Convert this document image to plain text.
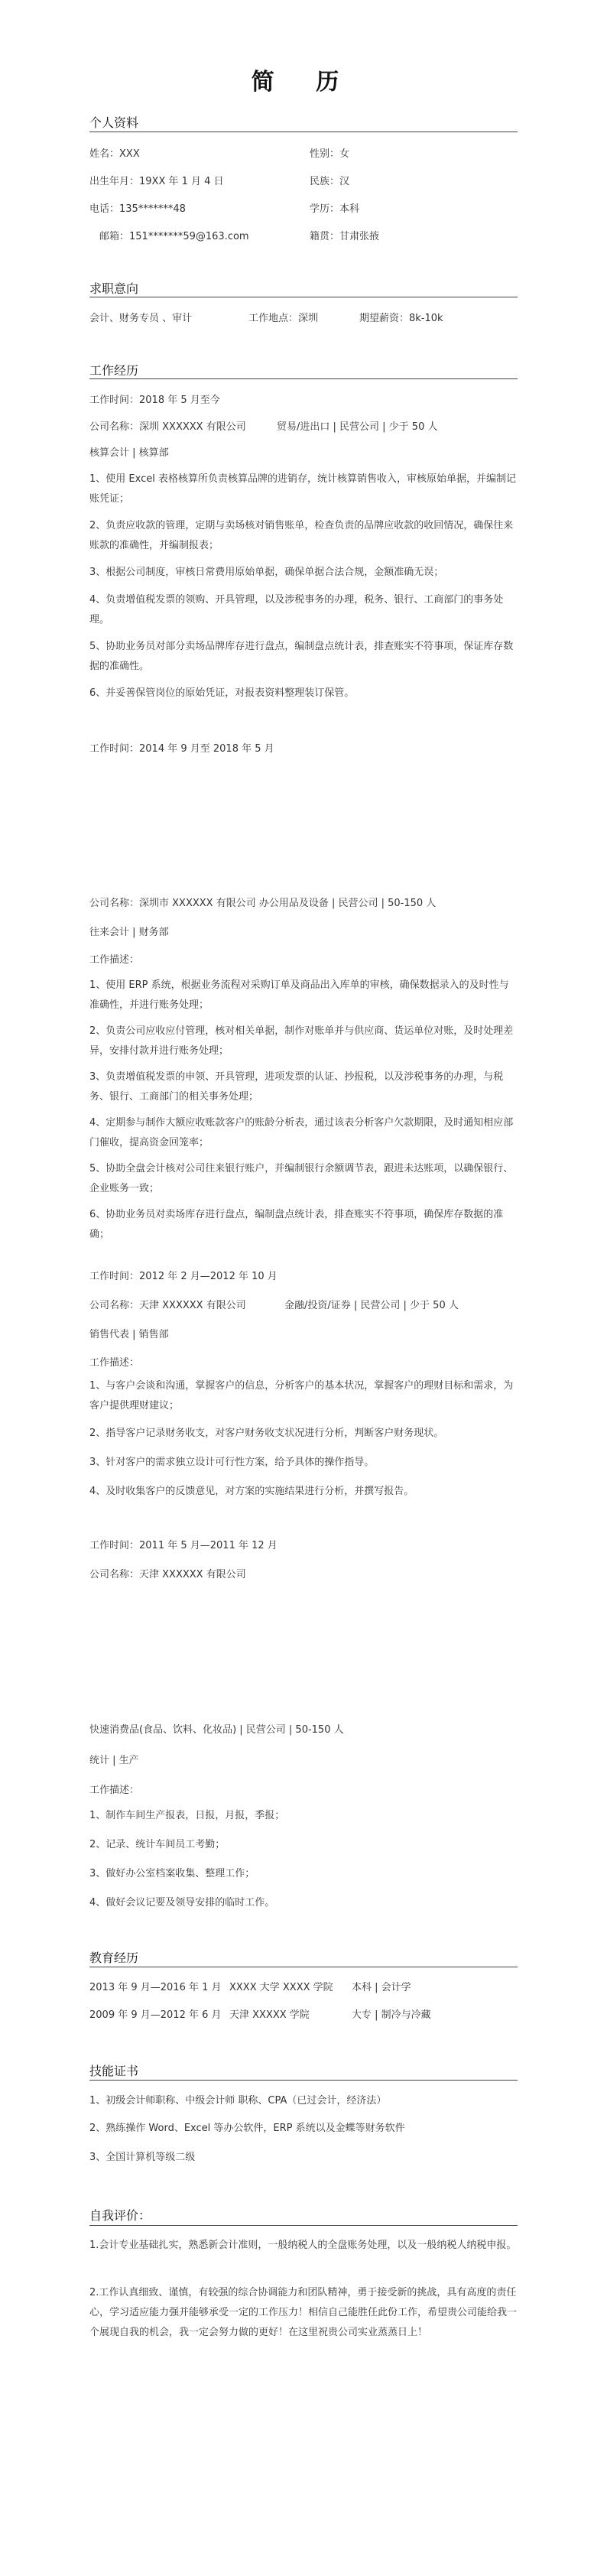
简 历
个人资料
姓名：XXX	性别：女
出生年月：19XX 年 1 月 4 日	民族：汉
电话：135*******48	学历：本科
邮箱：151*******59@163.com	籍贯：甘肃张掖
求职意向
会计、财务专员 、审计	工作地点：深圳	期望薪资：8k-10k
工作经历
工作时间：2018 年 5 月至今
公司名称：深圳 XXXXXX 有限公司	贸易/进出口 | 民营公司 | 少于 50 人
核算会计 | 核算部
1、使用 Excel 表格核算所负责核算品牌的进销存，统计核算销售收入，审核原始单据，并编制记账凭证；
2、负责应收款的管理，定期与卖场核对销售账单，检查负责的品牌应收款的收回情况，确保往来账款的准确性，并编制报表；
3、根据公司制度，审核日常费用原始单据，确保单据合法合规，金额准确无误；
4、负责增值税发票的领购、开具管理，以及涉税事务的办理，税务、银行、工商部门的事务处理。
5、协助业务员对部分卖场品牌库存进行盘点，编制盘点统计表，排查账实不符事项，保证库存数据的准确性。
6、并妥善保管岗位的原始凭证，对报表资料整理装订保管。
工作时间：2014 年 9 月至 2018 年 5 月
公司名称：深圳市 XXXXXX 有限公司 办公用品及设备 | 民营公司 | 50-150 人
往来会计 | 财务部
工作描述：
1、使用 ERP 系统，根据业务流程对采购订单及商品出入库单的审核，确保数据录入的及时性与准确性，并进行账务处理；
2、负责公司应收应付管理，核对相关单据，制作对账单并与供应商、货运单位对账，及时处理差异，安排付款并进行账务处理；
3、负责增值税发票的申领、开具管理，进项发票的认证、抄报税，以及涉税事务的办理，与税务、银行、工商部门的相关事务处理；
4、定期参与制作大额应收账款客户的账龄分析表，通过该表分析客户欠款期限，及时通知相应部门催收，提高资金回笼率；
5、协助全盘会计核对公司往来银行账户，并编制银行余额调节表，跟进未达账项，以确保银行、企业账务一致；
6、协助业务员对卖场库存进行盘点，编制盘点统计表，排查账实不符事项，确保库存数据的准确；
工作时间：2012 年 2 月—2012 年 10 月
公司名称：天津 XXXXXX 有限公司	金融/投资/证券 | 民营公司 | 少于 50 人
销售代表 | 销售部
工作描述：
1、与客户会谈和沟通，掌握客户的信息，分析客户的基本状况，掌握客户的理财目标和需求，为客户提供理财建议；
2、指导客户记录财务收支，对客户财务收支状况进行分析，判断客户财务现状。
3、针对客户的需求独立设计可行性方案，给予具体的操作指导。
4、及时收集客户的反馈意见，对方案的实施结果进行分析，并撰写报告。
工作时间：2011 年 5 月—2011 年 12 月
公司名称：天津 XXXXXX 有限公司
快速消费品(食品、饮料、化妆品) | 民营公司 | 50-150 人
统计 | 生产
工作描述：
1、制作车间生产报表，日报，月报，季报；
2、记录、统计车间员工考勤；
3、做好办公室档案收集、整理工作；
4、做好会议记要及领导安排的临时工作。
教育经历
2013 年 9 月—2016 年 1 月 XXXX 大学 XXXX 学院 本科 | 会计学
2009 年 9 月—2012 年 6 月 天津 XXXXX 学院	大专 | 制冷与冷藏
技能证书
1、初级会计师职称、中级会计师 职称、CPA（已过会计，经济法）
2、熟练操作 Word、Excel 等办公软件，ERP 系统以及金蝶等财务软件
3、全国计算机等级二级
自我评价：
1.会计专业基础扎实，熟悉新会计准则，一般纳税人的全盘账务处理，以及一般纳税人纳税申报。
2.工作认真细致、谨慎，有较强的综合协调能力和团队精神，勇于接受新的挑战，具有高度的责任心，学习适应能力强并能够承受一定的工作压力！相信自己能胜任此份工作，希望贵公司能给我一个展现自我的机会，我一定会努力做的更好！在这里祝贵公司实业蒸蒸日上！
